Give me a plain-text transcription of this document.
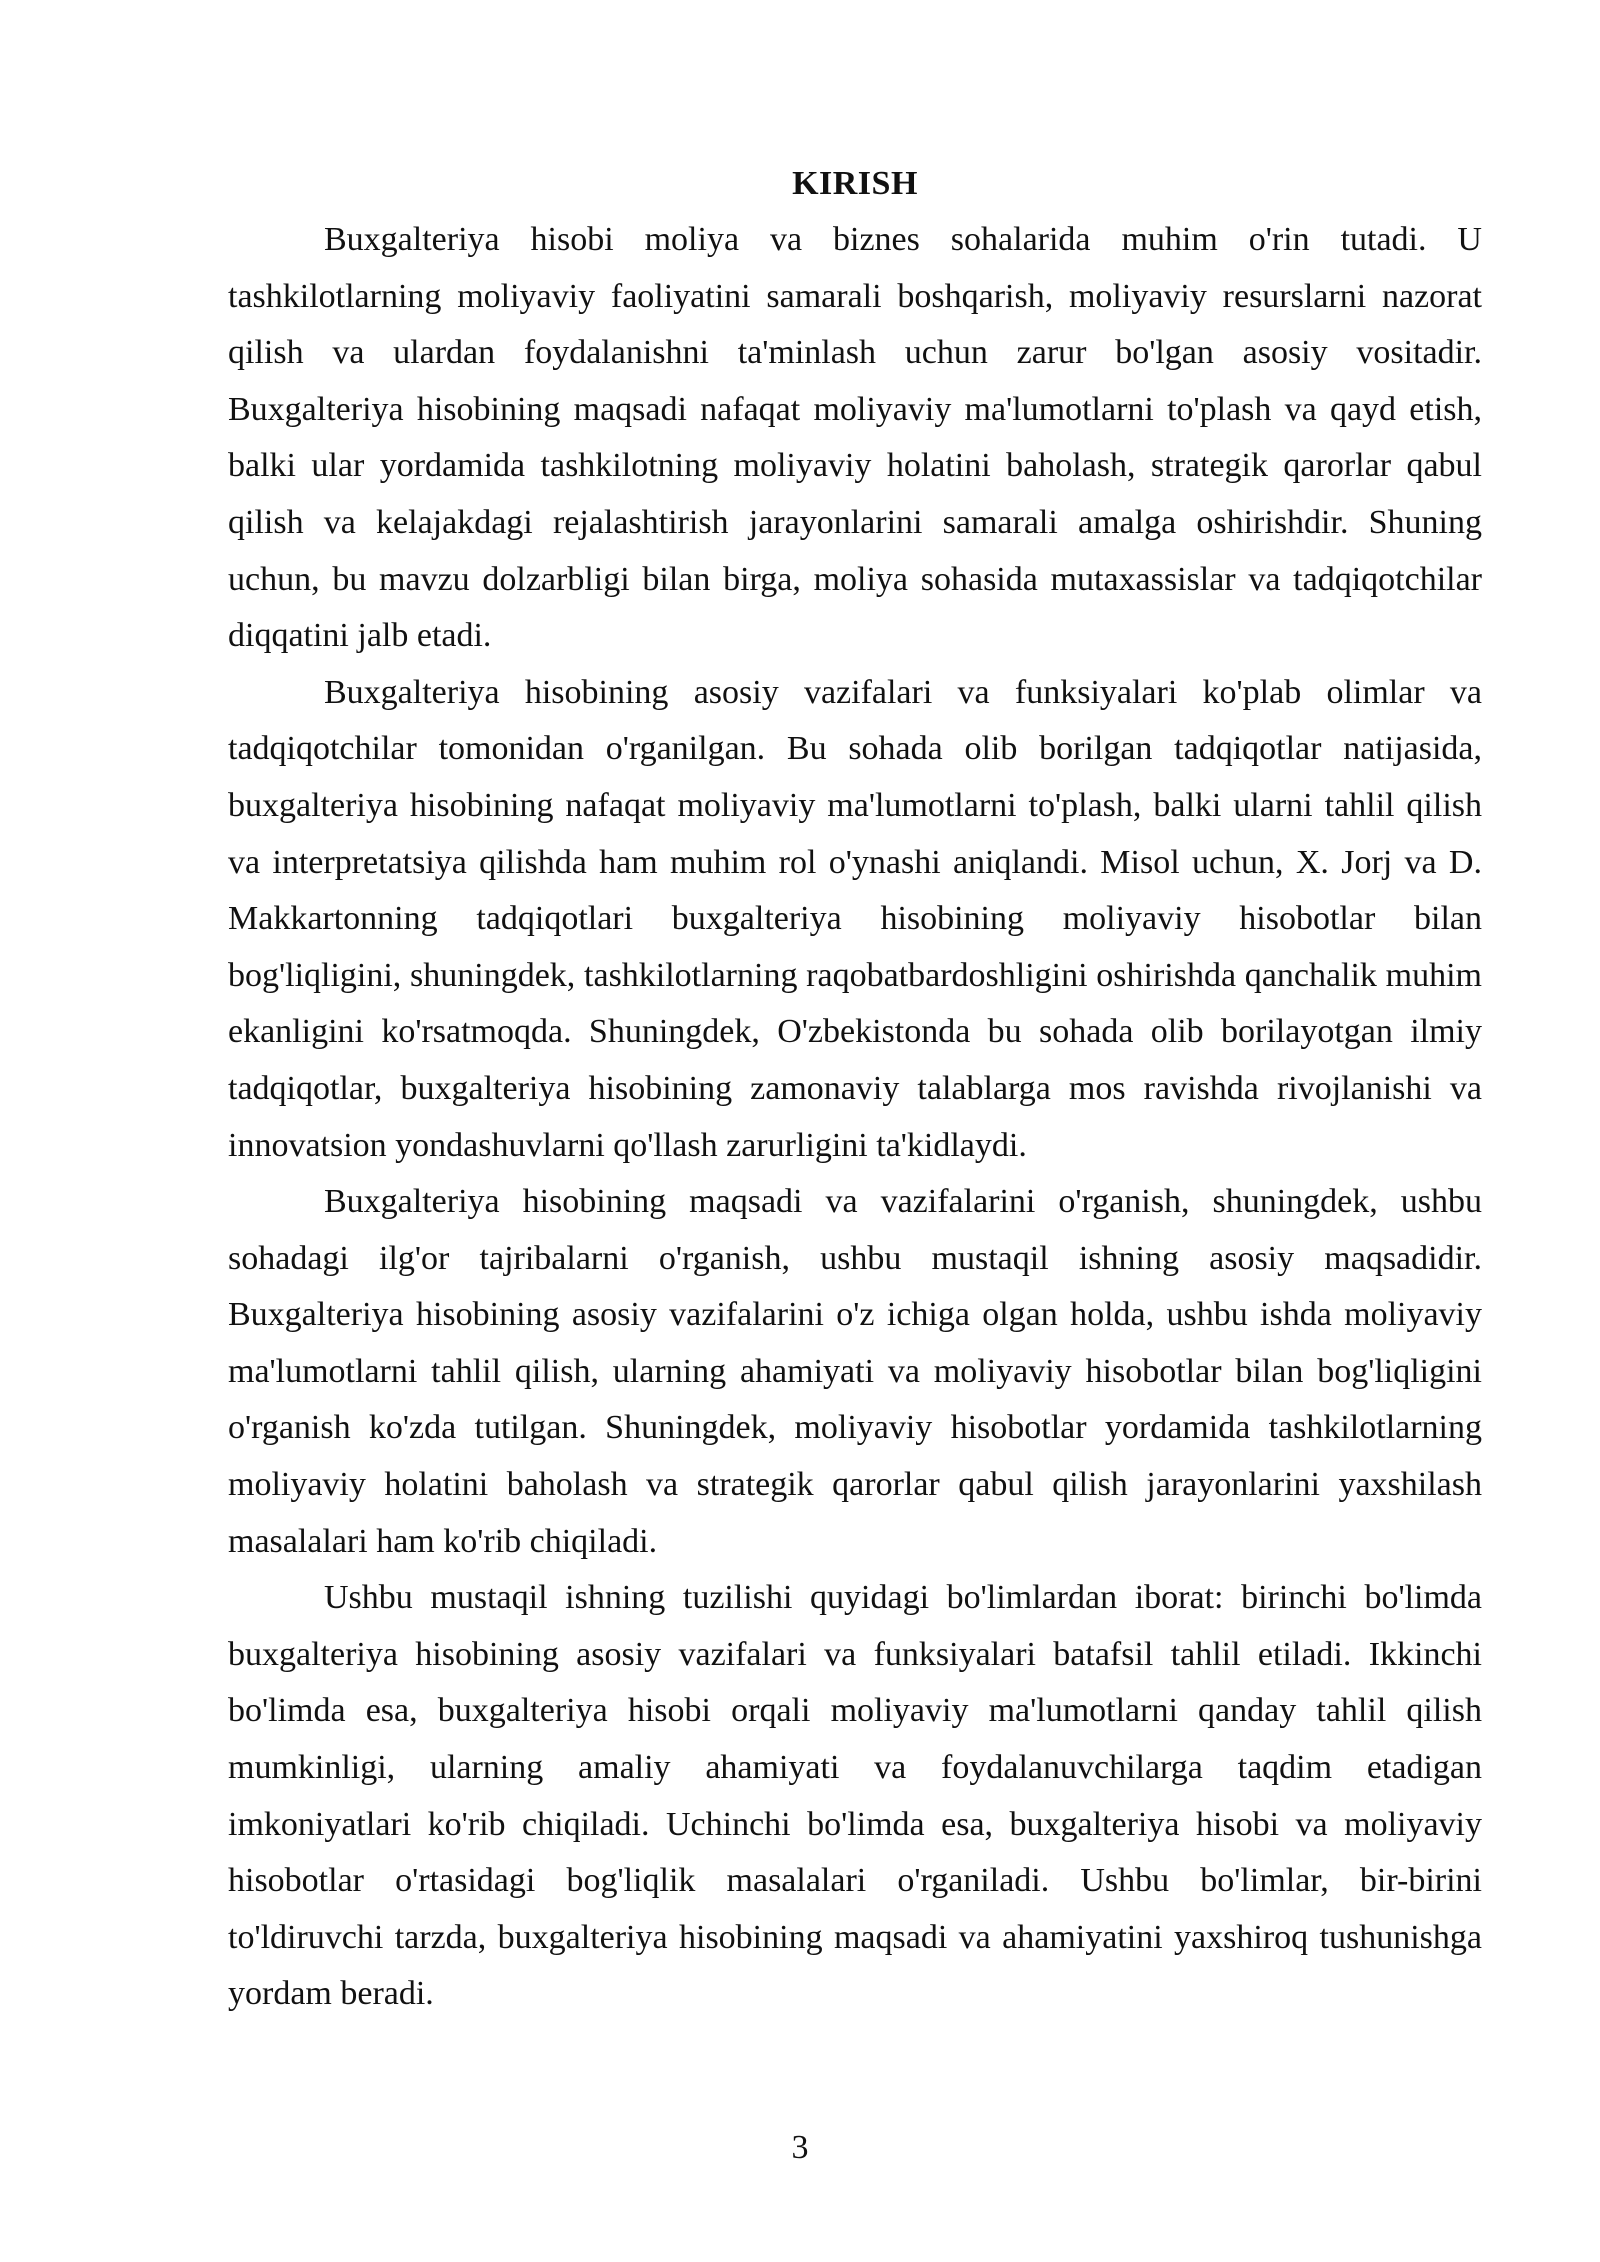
KIRISH

Buxgalteriya hisobi moliya va biznes sohalarida muhim o'rin tutadi. U tashkilotlarning moliyaviy faoliyatini samarali boshqarish, moliyaviy resurslarni nazorat qilish va ulardan foydalanishni ta'minlash uchun zarur bo'lgan asosiy vositadir. Buxgalteriya hisobining maqsadi nafaqat moliyaviy ma'lumotlarni to'plash va qayd etish, balki ular yordamida tashkilotning moliyaviy holatini baholash, strategik qarorlar qabul qilish va kelajakdagi rejalashtirish jarayonlarini samarali amalga oshirishdir. Shuning uchun, bu mavzu dolzarbligi bilan birga, moliya sohasida mutaxassislar va tadqiqotchilar diqqatini jalb etadi.

Buxgalteriya hisobining asosiy vazifalari va funksiyalari ko'plab olimlar va tadqiqotchilar tomonidan o'rganilgan. Bu sohada olib borilgan tadqiqotlar natijasida, buxgalteriya hisobining nafaqat moliyaviy ma'lumotlarni to'plash, balki ularni tahlil qilish va interpretatsiya qilishda ham muhim rol o'ynashi aniqlandi. Misol uchun, X. Jorj va D. Makkartonning tadqiqotlari buxgalteriya hisobining moliyaviy hisobotlar bilan bog'liqligini, shuningdek, tashkilotlarning raqobatbardoshligini oshirishda qanchalik muhim ekanligini ko'rsatmoqda. Shuningdek, O'zbekistonda bu sohada olib borilayotgan ilmiy tadqiqotlar, buxgalteriya hisobining zamonaviy talablarga mos ravishda rivojlanishi va innovatsion yondashuvlarni qo'llash zarurligini ta'kidlaydi.

Buxgalteriya hisobining maqsadi va vazifalarini o'rganish, shuningdek, ushbu sohadagi ilg'or tajribalarni o'rganish, ushbu mustaqil ishning asosiy maqsadidir. Buxgalteriya hisobining asosiy vazifalarini o'z ichiga olgan holda, ushbu ishda moliyaviy ma'lumotlarni tahlil qilish, ularning ahamiyati va moliyaviy hisobotlar bilan bog'liqligini o'rganish ko'zda tutilgan. Shuningdek, moliyaviy hisobotlar yordamida tashkilotlarning moliyaviy holatini baholash va strategik qarorlar qabul qilish jarayonlarini yaxshilash masalalari ham ko'rib chiqiladi.

Ushbu mustaqil ishning tuzilishi quyidagi bo'limlardan iborat: birinchi bo'limda buxgalteriya hisobining asosiy vazifalari va funksiyalari batafsil tahlil etiladi. Ikkinchi bo'limda esa, buxgalteriya hisobi orqali moliyaviy ma'lumotlarni qanday tahlil qilish mumkinligi, ularning amaliy ahamiyati va foydalanuvchilarga taqdim etadigan imkoniyatlari ko'rib chiqiladi. Uchinchi bo'limda esa, buxgalteriya hisobi va moliyaviy hisobotlar o'rtasidagi bog'liqlik masalalari o'rganiladi. Ushbu bo'limlar, bir-birini to'ldiruvchi tarzda, buxgalteriya hisobining maqsadi va ahamiyatini yaxshiroq tushunishga yordam beradi.

3
